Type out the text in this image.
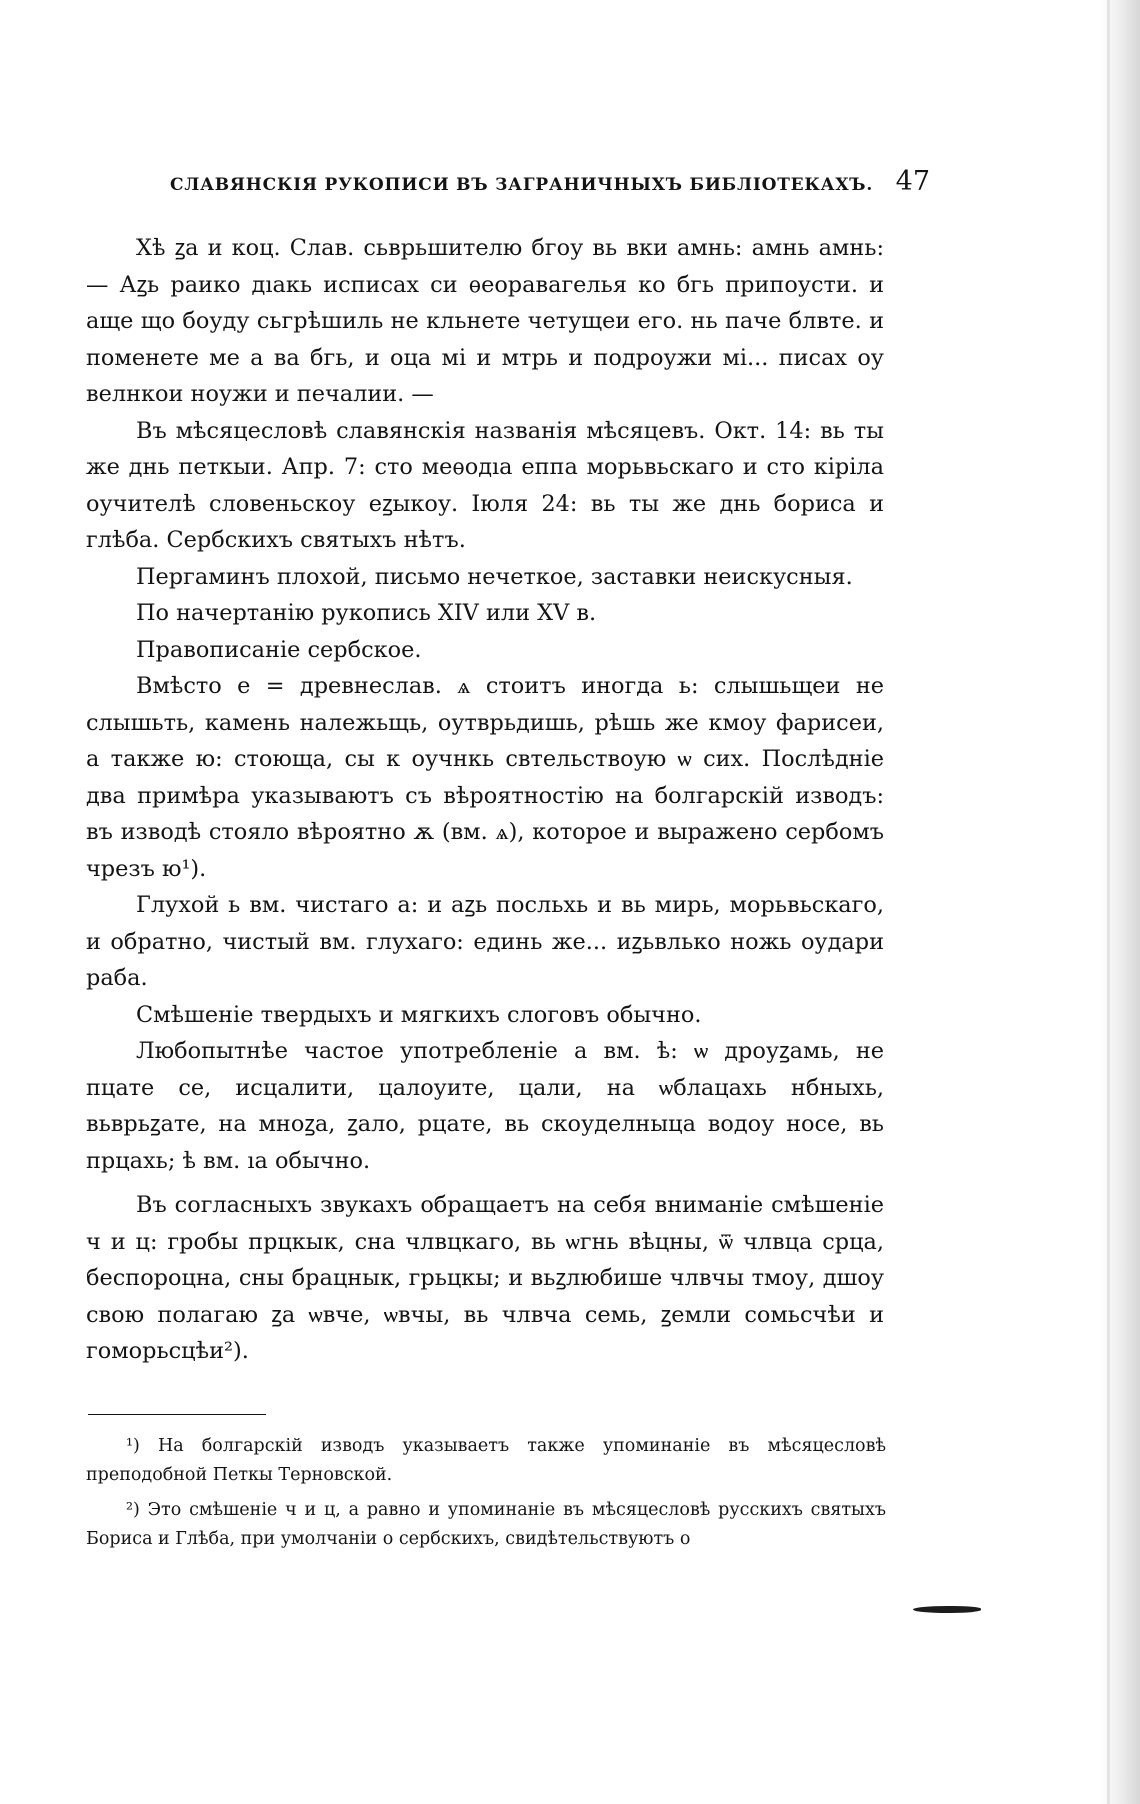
СЛАВЯНСКІЯ РУКОПИСИ ВЪ ЗАГРАНИЧНЫХЪ БИБЛІОТЕКАХЪ. 47

Хѣ ꙁа и коц. Слав. сьврьшителю бгоу вь вки амнь: амнь амнь: — Аꙁь раико дıакь исписах си ѳеоравагелья ко бгь припоусти. и аще що боуду сьгрѣшиль не кльнете четущеи его. нь паче блвте. и поменете ме а ва бгь, и оца мі и мтрь и подроужи мі... писах оу велнкои ноужи и печалии. —

Въ мѣсяцесловѣ славянскія названія мѣсяцевъ. Окт. 14: вь ты же днь петкыи. Апр. 7: сто меѳодıа еппа морьвьскаго и сто кіріла оучителѣ словеньскоу еꙁыкоу. Іюля 24: вь ты же днь бориса и глѣба. Сербскихъ святыхъ нѣтъ.

Пергаминъ плохой, письмо нечеткое, заставки неискусныя.

По начертанію рукопись XIV или XV в.

Правописаніе сербское.

Вмѣсто е = древнеслав. ѧ стоитъ иногда ь: слышьщеи не слышьть, камень належьщь, оутврьдишь, рѣшь же кмоу фарисеи, а также ю: стоюща, сы к оучнкь свтельствоую ѡ сих. Послѣдніе два примѣра указываютъ съ вѣроятностію на болгарскій изводъ: въ изводѣ стояло вѣроятно ѫ (вм. ѧ), которое и выражено сербомъ чрезъ ю¹).

Глухой ь вм. чистаго а: и аꙁь посльхь и вь мирь, морьвьскаго, и обратно, чистый вм. глухаго: единь же... иꙁьвлько ножь оудари раба.

Смѣшеніе твердыхъ и мягкихъ слоговъ обычно.

Любопытнѣе частое употребленіе а вм. ѣ: ѡ дроуꙁамь, не пцате се, исцалити, цалоуите, цали, на ѡблацахь нбныхь, вьврьꙁате, на мноꙁа, ꙁало, рцате, вь скоуделныца водоу носе, вь прцахь; ѣ вм. ıа обычно.

Въ согласныхъ звукахъ обращаетъ на себя вниманіе смѣшеніе ч и ц: гробы прцкык, сна члвцкаго, вь ѡгнь вѣцны, ѿ члвца срца, беспороцна, сны брацнык, грьцкы; и вьꙁлюбише члвчы тмоу, дшоу свою полагаю ꙁа ѡвче, ѡвчы, вь члвча семь, ꙁемли сомьсчѣи и гоморьсцѣи²).

¹) На болгарскій изводъ указываетъ также упоминаніе въ мѣсяцесловѣ преподобной Петкы Терновской.

²) Это смѣшеніе ч и ц, а равно и упоминаніе въ мѣсяцесловѣ русскихъ святыхъ Бориса и Глѣба, при умолчаніи о сербскихъ, свидѣтельствуютъ о
